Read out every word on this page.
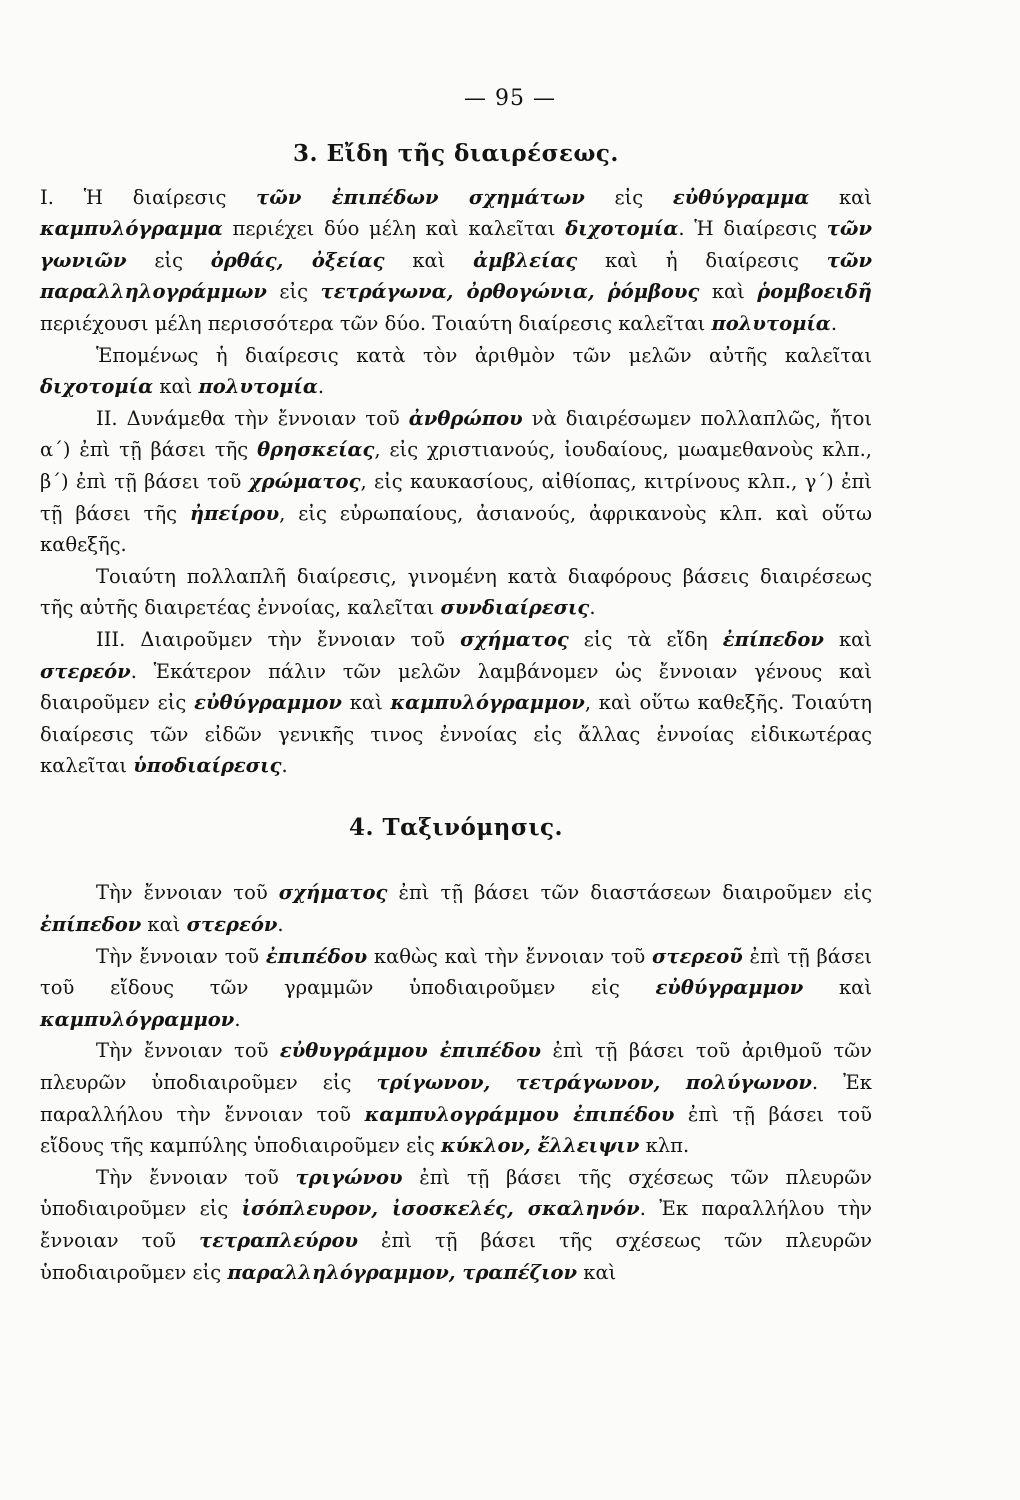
— 95 —
3. Εἴδη τῆς διαιρέσεως.

I. Ἡ διαίρεσις τῶν ἐπιπέδων σχημάτων εἰς εὐθύγραμμα καὶ καμπυλόγραμμα περιέχει δύο μέλη καὶ καλεῖται διχοτομία. Ἡ διαίρεσις τῶν γωνιῶν εἰς ὀρθάς, ὀξείας καὶ ἀμβλείας καὶ ἡ διαίρεσις τῶν παραλληλογράμμων εἰς τετράγωνα, ὀρθογώνια, ῥόμβους καὶ ῥομβοειδῆ περιέχουσι μέλη περισσότερα τῶν δύο. Τοιαύτη διαίρεσις καλεῖται πολυτομία.

Ἑπομένως ἡ διαίρεσις κατὰ τὸν ἀριθμὸν τῶν μελῶν αὐτῆς καλεῖται διχοτομία καὶ πολυτομία.

II. Δυνάμεθα τὴν ἔννοιαν τοῦ ἀνθρώπου νὰ διαιρέσωμεν πολλαπλῶς, ἤτοι α΄) ἐπὶ τῇ βάσει τῆς θρησκείας, εἰς χριστιανούς, ἰουδαίους, μωαμεθανοὺς κλπ., β΄) ἐπὶ τῇ βάσει τοῦ χρώματος, εἰς καυκασίους, αἰθίοπας, κιτρίνους κλπ., γ΄) ἐπὶ τῇ βάσει τῆς ἠπείρου, εἰς εὐρωπαίους, ἀσιανούς, ἀφρικανοὺς κλπ. καὶ οὕτω καθεξῆς.

Τοιαύτη πολλαπλῆ διαίρεσις, γινομένη κατὰ διαφόρους βάσεις διαιρέσεως τῆς αὐτῆς διαιρετέας ἐννοίας, καλεῖται συνδιαίρεσις.

III. Διαιροῦμεν τὴν ἔννοιαν τοῦ σχήματος εἰς τὰ εἴδη ἐπίπεδον καὶ στερεόν. Ἑκάτερον πάλιν τῶν μελῶν λαμβάνομεν ὡς ἔννοιαν γένους καὶ διαιροῦμεν εἰς εὐθύγραμμον καὶ καμπυλόγραμμον, καὶ οὕτω καθεξῆς. Τοιαύτη διαίρεσις τῶν εἰδῶν γενικῆς τινος ἐννοίας εἰς ἄλλας ἐννοίας εἰδικωτέρας καλεῖται ὑποδιαίρεσις.

4. Ταξινόμησις.

Τὴν ἔννοιαν τοῦ σχήματος ἐπὶ τῇ βάσει τῶν διαστάσεων διαιροῦμεν εἰς ἐπίπεδον καὶ στερεόν.

Τὴν ἔννοιαν τοῦ ἐπιπέδου καθὼς καὶ τὴν ἔννοιαν τοῦ στερεοῦ ἐπὶ τῇ βάσει τοῦ εἴδους τῶν γραμμῶν ὑποδιαιροῦμεν εἰς εὐθύγραμμον καὶ καμπυλόγραμμον.

Τὴν ἔννοιαν τοῦ εὐθυγράμμου ἐπιπέδου ἐπὶ τῇ βάσει τοῦ ἀριθμοῦ τῶν πλευρῶν ὑποδιαιροῦμεν εἰς τρίγωνον, τετράγωνον, πολύγωνον. Ἐκ παραλλήλου τὴν ἔννοιαν τοῦ καμπυλογράμμου ἐπιπέδου ἐπὶ τῇ βάσει τοῦ εἴδους τῆς καμπύλης ὑποδιαιροῦμεν εἰς κύκλον, ἔλλειψιν κλπ.

Τὴν ἔννοιαν τοῦ τριγώνου ἐπὶ τῇ βάσει τῆς σχέσεως τῶν πλευρῶν ὑποδιαιροῦμεν εἰς ἰσόπλευρον, ἰσοσκελές, σκαληνόν. Ἐκ παραλλήλου τὴν ἔννοιαν τοῦ τετραπλεύρου ἐπὶ τῇ βάσει τῆς σχέσεως τῶν πλευρῶν ὑποδιαιροῦμεν εἰς παραλληλόγραμμον, τραπέζιον καὶ
